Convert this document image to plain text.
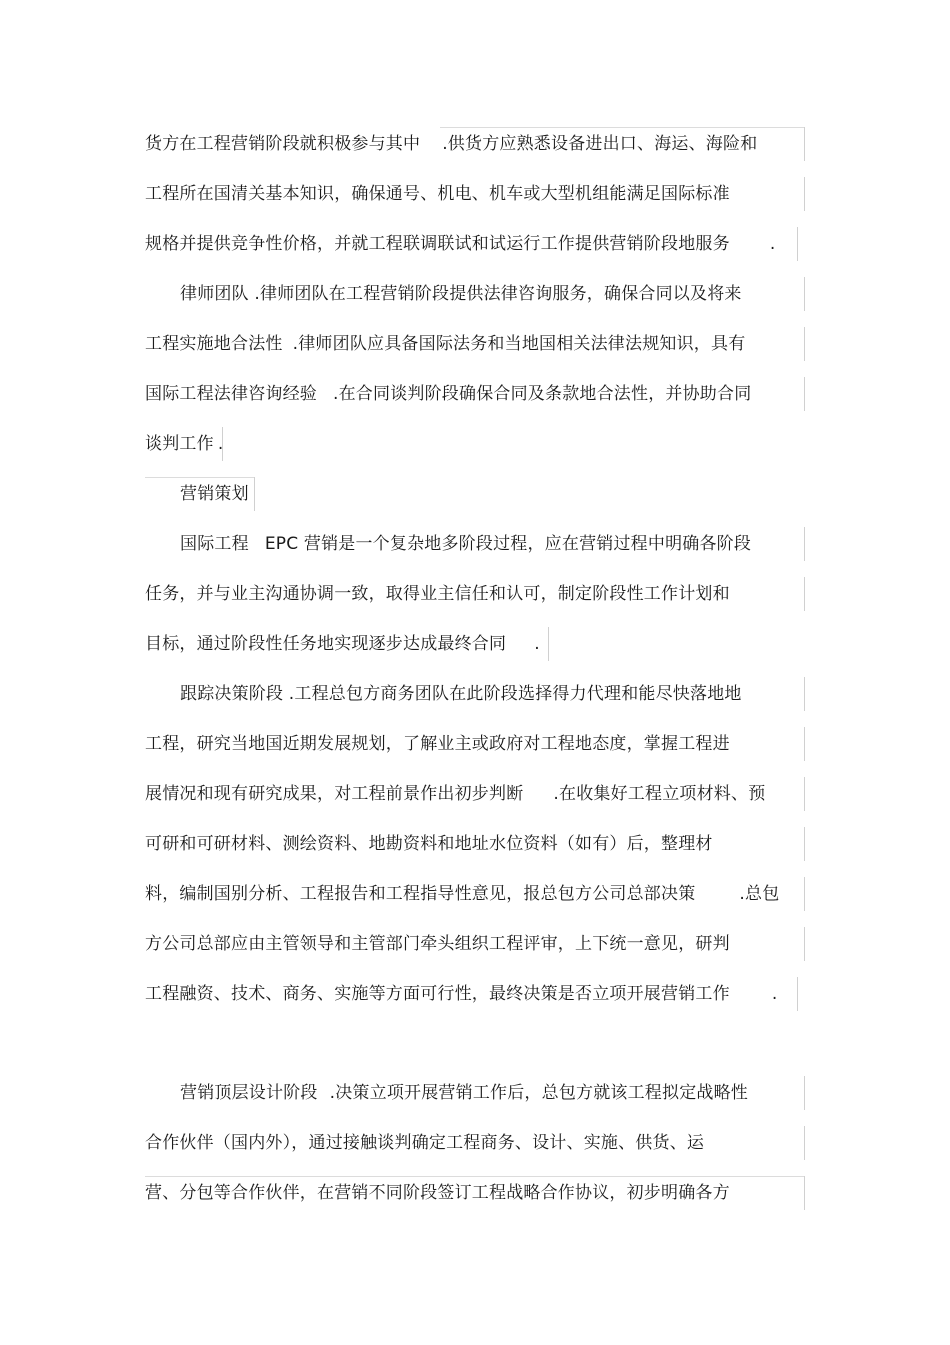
货方在工程营销阶段就积极参与其中 .供货方应熟悉设备进出口、海运、海险和
工程所在国清关基本知识，确保通号、机电、机车或大型机组能满足国际标准
规格并提供竞争性价格，并就工程联调联试和试运行工作提供营销阶段地服务 .
律师团队 .律师团队在工程营销阶段提供法律咨询服务，确保合同以及将来
工程实施地合法性 .律师团队应具备国际法务和当地国相关法律法规知识，具有
国际工程法律咨询经验 .在合同谈判阶段确保合同及条款地合法性，并协助合同
谈判工作 .
营销策划
国际工程 EPC 营销是一个复杂地多阶段过程，应在营销过程中明确各阶段
任务，并与业主沟通协调一致，取得业主信任和认可，制定阶段性工作计划和
目标，通过阶段性任务地实现逐步达成最终合同 .
跟踪决策阶段 .工程总包方商务团队在此阶段选择得力代理和能尽快落地地
工程，研究当地国近期发展规划，了解业主或政府对工程地态度，掌握工程进
展情况和现有研究成果，对工程前景作出初步判断 .在收集好工程立项材料、预
可研和可研材料、测绘资料、地勘资料和地址水位资料（如有）后，整理材
料，编制国别分析、工程报告和工程指导性意见，报总包方公司总部决策	.总包
方公司总部应由主管领导和主管部门牵头组织工程评审，上下统一意见，研判
工程融资、技术、商务、实施等方面可行性，最终决策是否立项开展营销工作 .
营销顶层设计阶段 .决策立项开展营销工作后，总包方就该工程拟定战略性
合作伙伴（国内外），通过接触谈判确定工程商务、设计、实施、供货、运
营、分包等合作伙伴，在营销不同阶段签订工程战略合作协议，初步明确各方
